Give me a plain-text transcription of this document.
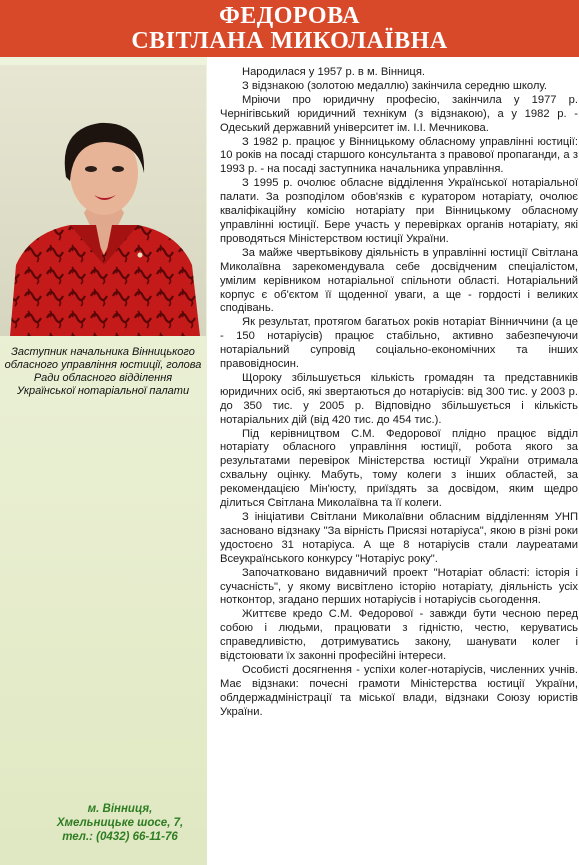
ФЕДОРОВА
СВІТЛАНА МИКОЛАЇВНА
Заступник начальника Вінницького обласного управління юстиції, голова Ради обласного відділення Української нотаріальної палати
м. Вінниця,
Хмельницьке шосе, 7,
тел.: (0432) 66-11-76

Народилася у 1957 р. в м. Вінниця.

З відзнакою (золотою медаллю) закінчила середню школу.

Мріючи про юридичну професію, закінчила у 1977 р. Чернігівський юридичний технікум (з відзнакою), а у 1982 р. - Одеський державний університет ім. І.І. Мечникова.

З 1982 р. працює у Вінницькому обласному управлінні юстиції: 10 років на посаді старшого консультанта з правової пропаганди, а з 1993 р. - на посаді заступника начальника управління.

З 1995 р. очолює обласне відділення Української нотаріальної палати. За розподілом обов'язків є куратором нотаріату, очолює кваліфікаційну комісію нотаріату при Вінницькому обласному управлінні юстиції. Бере участь у перевірках органів нотаріату, які проводяться Міністерством юстиції України.

За майже чвертьвікову діяльність в управлінні юстиції Світлана Миколаївна зарекомендувала себе досвідченим спеціалістом, умілим керівником нотаріальної спільноти області. Нотаріальний корпус є об'єктом її щоденної уваги, а ще - гордості і великих сподівань.

Як результат, протягом багатьох років нотаріат Вінниччини (а це - 150 нотаріусів) працює стабільно, активно забезпечуючи нотаріальний супровід соціально-економічних та інших правовідносин.

Щороку збільшується кількість громадян та представників юридичних осіб, які звертаються до нотаріусів: від 300 тис. у 2003 р. до 350 тис. у 2005 р. Відповідно збільшується і кількість нотаріальних дій (від 420 тис. до 454 тис.).

Під керівництвом С.М. Федорової плідно працює відділ нотаріату обласного управління юстиції, робота якого за результатами перевірок Міністерства юстиції України отримала схвальну оцінку. Мабуть, тому колеги з інших областей, за рекомендацією Мін'юсту, приїздять за досвідом, яким щедро ділиться Світлана Миколаївна та її колеги.

З ініціативи Світлани Миколаївни обласним відділенням УНП засновано відзнаку "За вірність Присязі нотаріуса", якою в різні роки удостоєно 31 нотаріуса. А ще 8 нотаріусів стали лауреатами Всеукраїнського конкурсу "Нотаріус року".

Започатковано видавничий проект "Нотаріат області: історія і сучасність", у якому висвітлено історію нотаріату, діяльність усіх нотконтор, згадано перших нотаріусів і нотаріусів сьогодення.

Життєве кредо С.М. Федорової - завжди бути чесною перед собою і людьми, працювати з гідністю, честю, керуватись справедливістю, дотримуватись закону, шанувати колег і відстоювати їх законні професійні інтереси.

Особисті досягнення - успіхи колег-нотаріусів, численних учнів. Має відзнаки: почесні грамоти Міністерства юстиції України, облдержадміністрації та міської влади, відзнаки Союзу юристів України.
